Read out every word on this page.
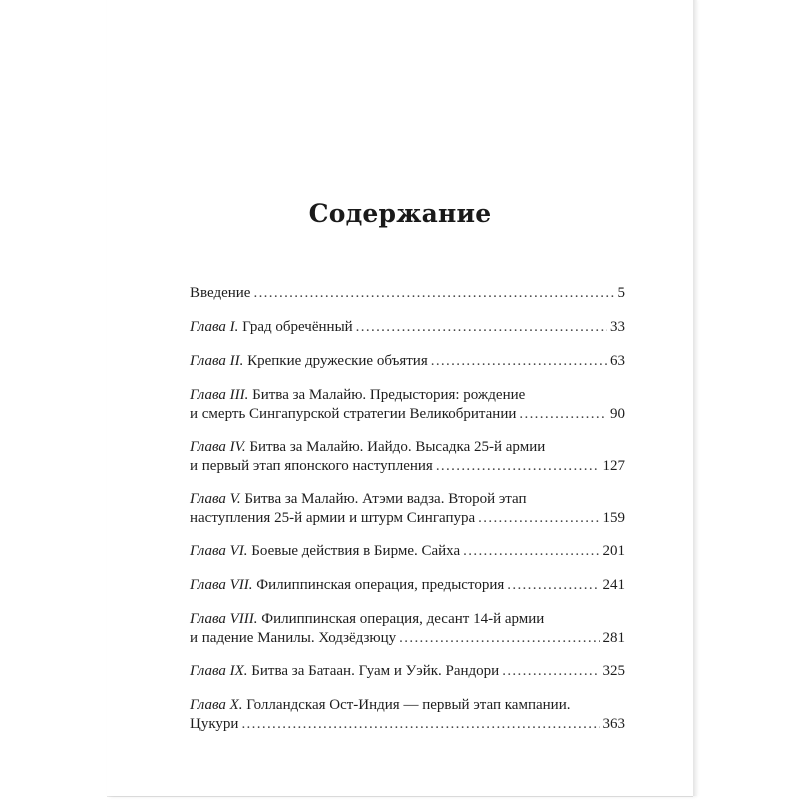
Содержание
Введение . . .	5
Глава I.
Град обречённый . . .	33
Глава II.
Крепкие дружеские объятия . . .	63
Глава III.
Битва за Малайю. Предыстория: рождение
и смерть Сингапурской стратегии Великобритании . . .	90
Глава IV.
Битва за Малайю. Иайдо. Высадка 25-й армии
и первый этап японского наступления . . .	127
Глава V.
Битва за Малайю. Атэми вадза. Второй этап
наступления 25-й армии и штурм Сингапура . . .	159
Глава VI.
Боевые действия в Бирме. Сайха . . .	201
Глава VII.
Филиппинская операция, предыстория . . .	241
Глава VIII.
Филиппинская операция, десант 14-й армии
и падение Манилы. Ходзёдзюцу . . .	281
Глава IX.
Битва за Батаан. Гуам и Уэйк. Рандори . . .	325
Глава X.
Голландская Ост-Индия — первый этап кампании.
Цукури . . .	363
